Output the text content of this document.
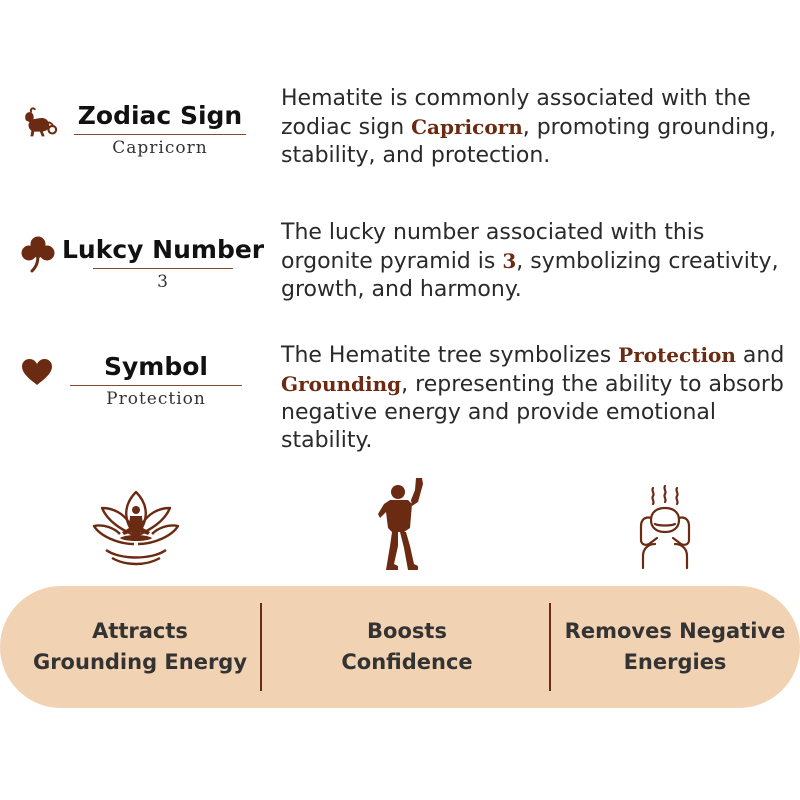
Zodiac Sign
Capricorn
Hematite is commonly associated with the zodiac sign Capricorn, promoting grounding, stability, and protection.
Lukcy Number
3
The lucky number associated with this orgonite pyramid is 3, symbolizing creativity, growth, and harmony.
Symbol
Protection
The Hematite tree symbolizes Protection and Grounding, representing the ability to absorb negative energy and provide emotional stability.
Attracts
Grounding Energy
Boosts
Confidence
Removes Negative
Energies
